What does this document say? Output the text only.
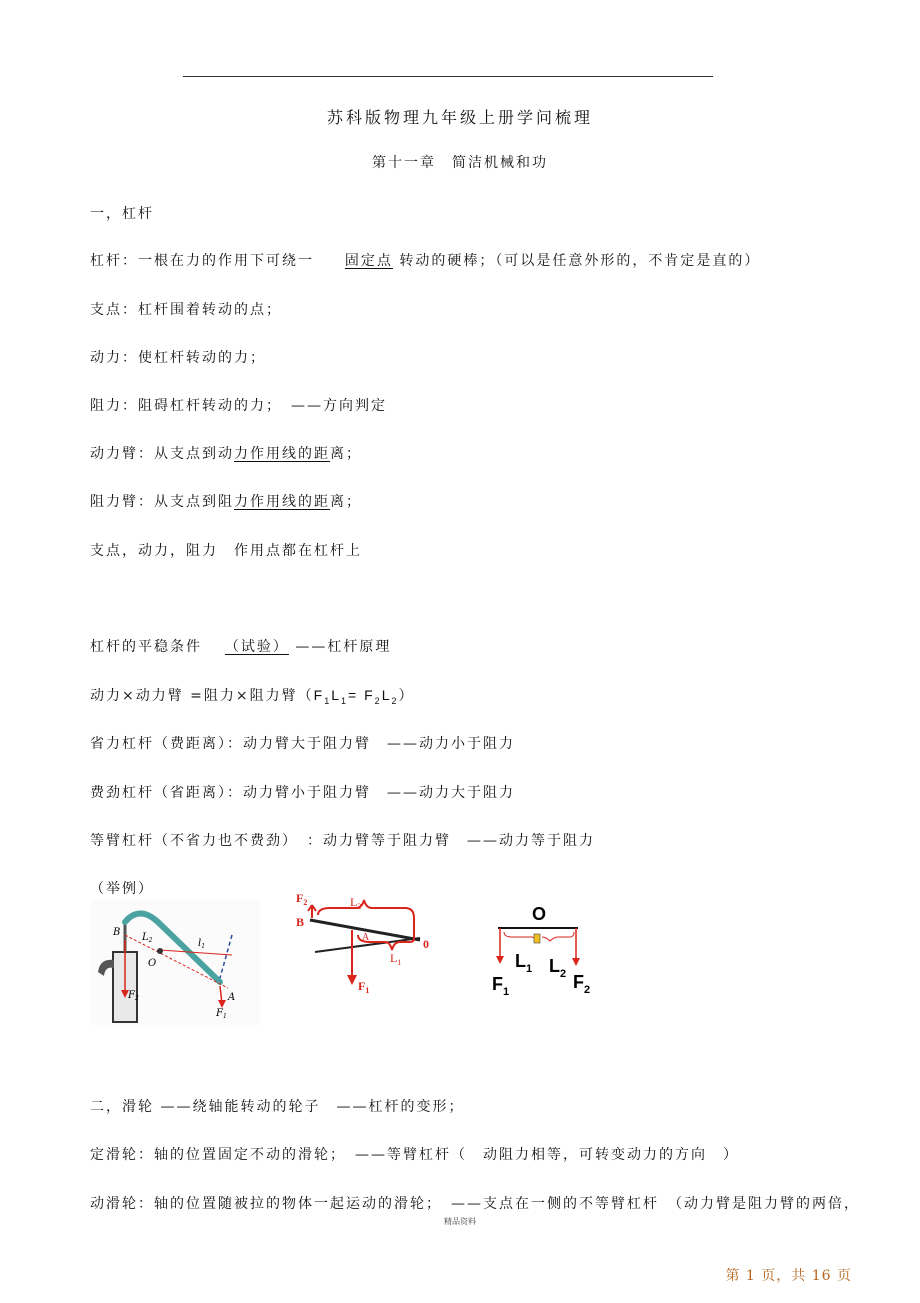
苏科版物理九年级上册学问梳理
第十一章　简洁机械和功
一，杠杆
杠杆：一根在力的作用下可绕一 固定点 转动的硬棒；（可以是任意外形的，不肯定是直的）
支点：杠杆围着转动的点；
动力：使杠杆转动的力；
阻力：阻碍杠杆转动的力；　——方向判定
动力臂：从支点到动力作用线的距离；
阻力臂：从支点到阻力作用线的距离；
支点，动力，阻力　作用点都在杠杆上
杠杆的平稳条件 （试验） ——杠杆原理
动力×动力臂 =阻力×阻力臂$(F_1L_1= F_2L_2)$
省力杠杆（费距离）：动力臂大于阻力臂　——动力小于阻力
费劲杠杆（省距离）：动力臂小于阻力臂　——动力大于阻力
等臂杠杆（不省力也不费劲）　：动力臂等于阻力臂　——动力等于阻力
（举例）
B $L_2$	$l_1$
O
$F_2$	A
$F_1$
$F_2$
B
$L_2$
A	0
$L_1$
$F_1$
O
$L_1$ $L_2$
$F_1$	$F_2$
二，滑轮 ——绕轴能转动的轮子　——杠杆的变形；
定滑轮：轴的位置固定不动的滑轮；　——等臂杠杆（　动阻力相等，可转变动力的方向　）
动滑轮：轴的位置随被拉的物体一起运动的滑轮；　——支点在一侧的不等臂杠杆　（动力臂是阻力臂的两倍，
精品资料
第 1 页，共 16 页
